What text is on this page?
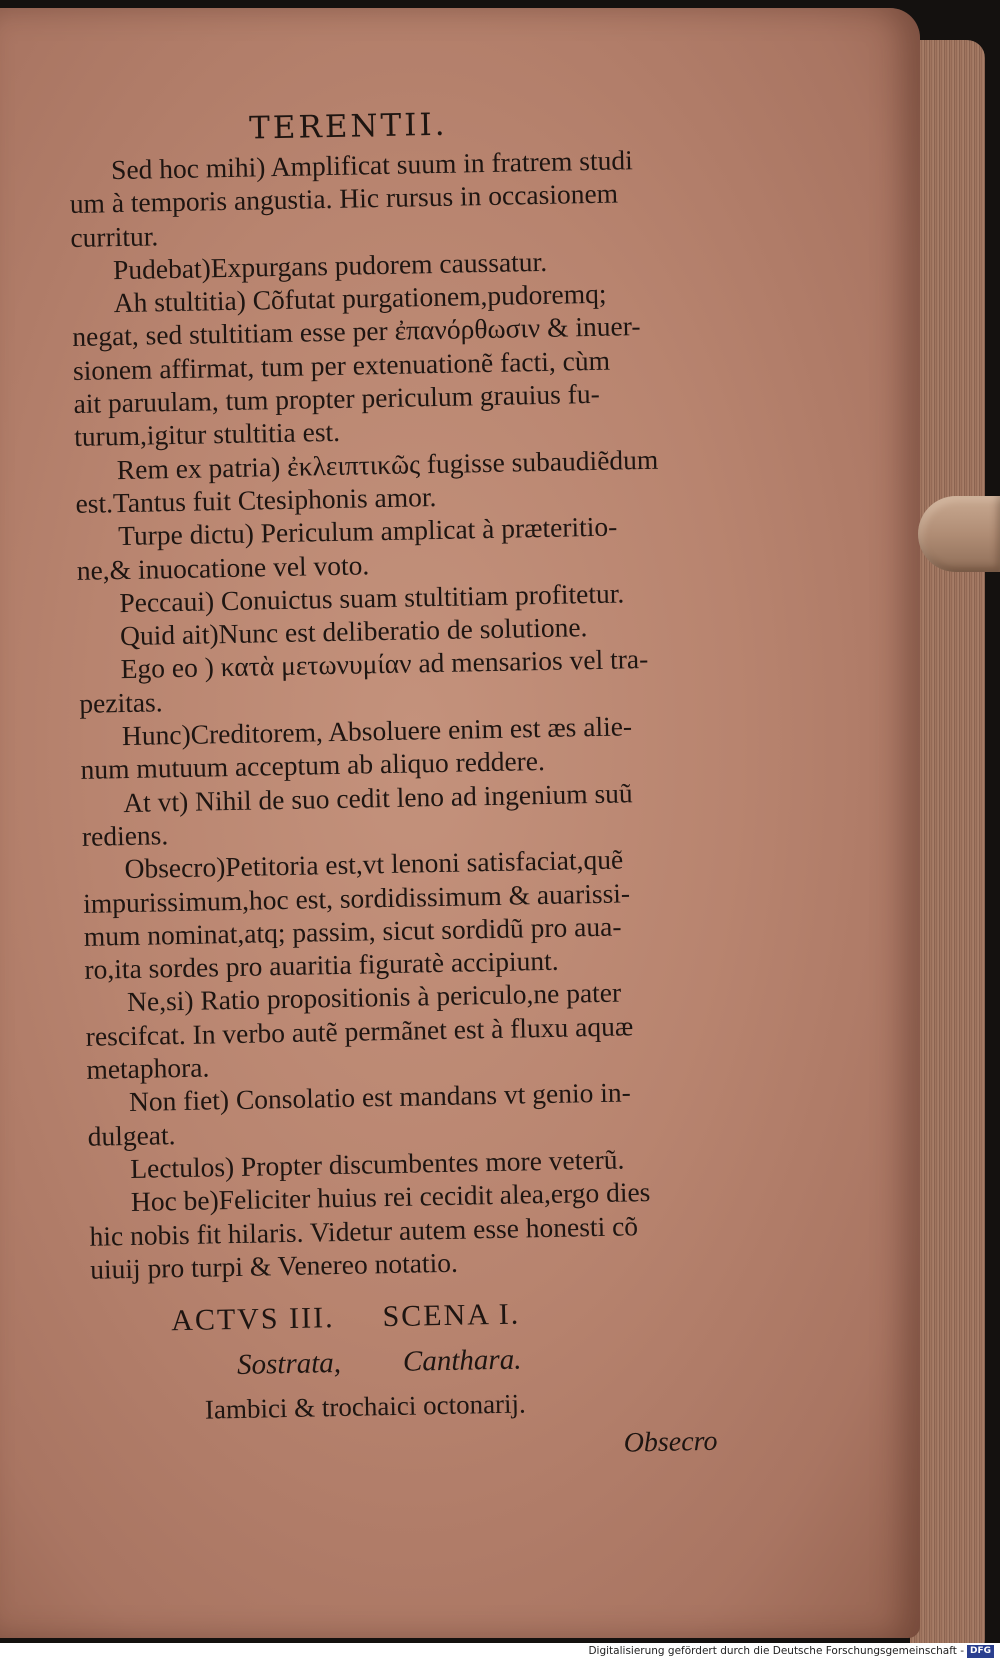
TERENTII.
Sed hoc mihi) Amplificat suum in fratrem studi
um à temporis angustia. Hic rursus in occasionem
curritur.
Pudebat)Expurgans pudorem caussatur.
Ah stultitia) Cõfutat purgationem,pudoremq;
negat, sed stultitiam esse per ἐπανόρθωσιν & inuer-
sionem affirmat, tum per extenuationẽ facti, cùm
ait paruulam, tum propter periculum grauius fu-
turum,igitur stultitia est.
Rem ex patria) ἐκλειπτικῶς fugisse subaudiẽdum
est.Tantus fuit Ctesiphonis amor.
Turpe dictu) Periculum amplicat à præteritio-
ne,& inuocatione vel voto.
Peccaui) Conuictus suam stultitiam profitetur.
Quid ait)Nunc est deliberatio de solutione.
Ego eo ) κατὰ μετωνυμίαν ad mensarios vel tra-
pezitas.
Hunc)Creditorem, Absoluere enim est æs alie-
num mutuum acceptum ab aliquo reddere.
At vt) Nihil de suo cedit leno ad ingenium suũ
rediens.
Obsecro)Petitoria est,vt lenoni satisfaciat,quẽ
impurissimum,hoc est, sordidissimum & auarissi-
mum nominat,atq; passim, sicut sordidũ pro aua-
ro,ita sordes pro auaritia figuratè accipiunt.
Ne,si) Ratio propositionis à periculo,ne pater
rescifcat. In verbo autẽ permãnet est à fluxu aquæ
metaphora.
Non fiet) Consolatio est mandans vt genio in-
dulgeat.
Lectulos) Propter discumbentes more veterũ.
Hoc be)Feliciter huius rei cecidit alea,ergo dies
hic nobis fit hilaris. Videtur autem esse honesti cõ
uiuij pro turpi & Venereo notatio.
ACTVS III. SCENA I.
Sostrata, Canthara.
Iambici & trochaici octonarij.
Obsecro
Digitalisierung gefördert durch die Deutsche Forschungsgemeinschaft - DFG
